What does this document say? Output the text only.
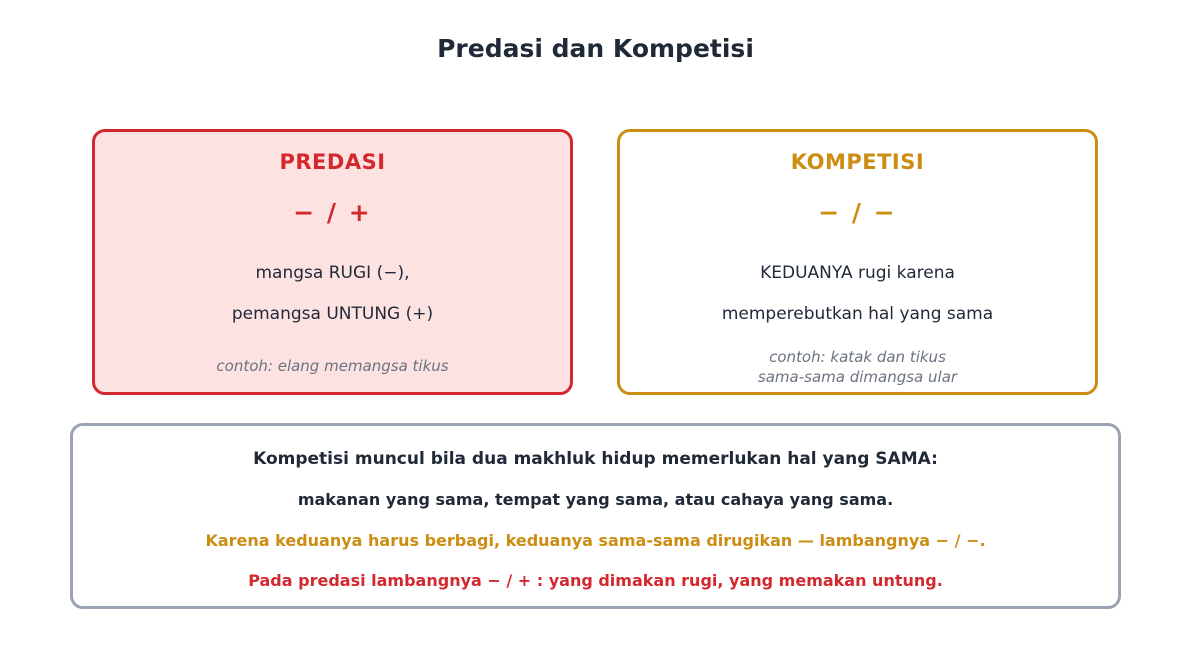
Predasi dan Kompetisi
PREDASI
− / +
mangsa RUGI (−),
pemangsa UNTUNG (+)
contoh: elang memangsa tikus
KOMPETISI
− / −
KEDUANYA rugi karena
memperebutkan hal yang sama
contoh: katak dan tikus
sama-sama dimangsa ular
Kompetisi muncul bila dua makhluk hidup memerlukan hal yang SAMA:
makanan yang sama, tempat yang sama, atau cahaya yang sama.
Karena keduanya harus berbagi, keduanya sama-sama dirugikan — lambangnya − / −.
Pada predasi lambangnya − / + : yang dimakan rugi, yang memakan untung.
